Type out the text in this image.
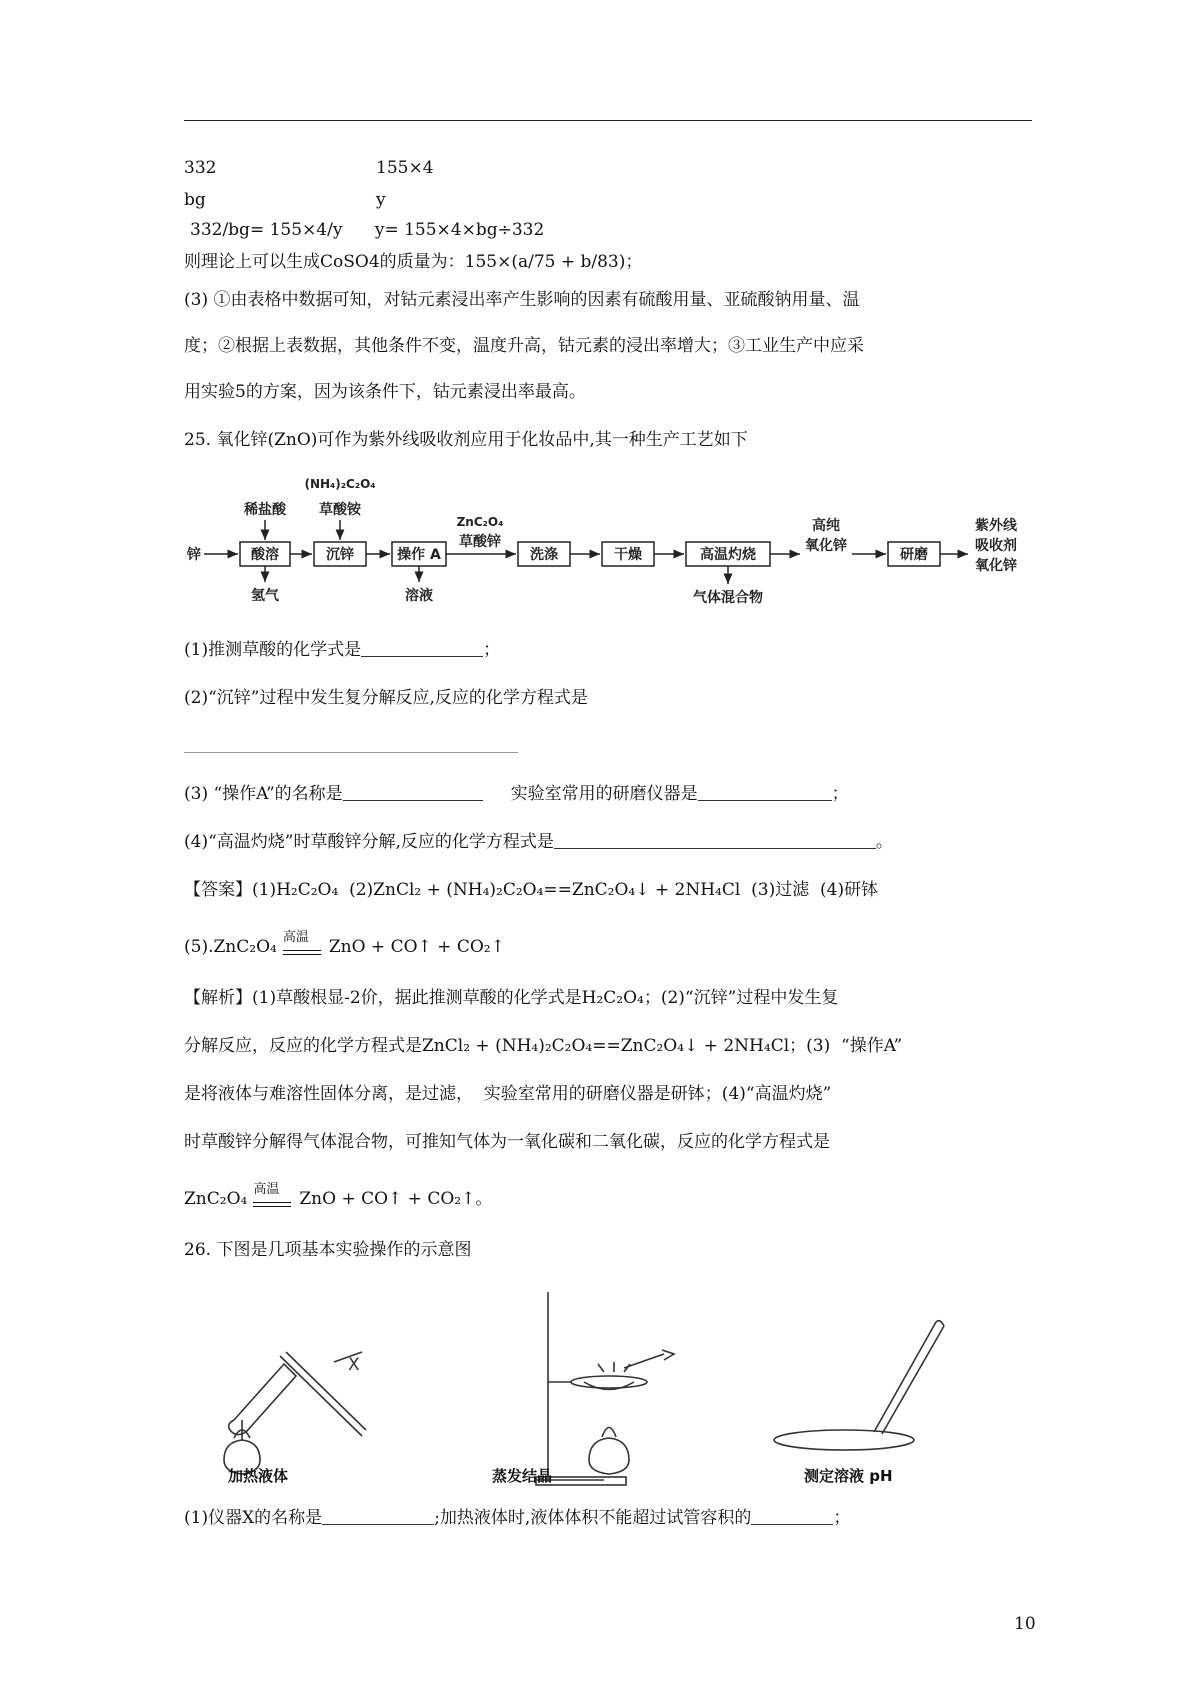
332	155×4
bg	y
332/bg= 155×4/y      y= 155×4×bg÷332
则理论上可以生成CoSO4的质量为：155×(a/75 + b/83)；
(3) ①由表格中数据可知，对钴元素浸出率产生影响的因素有硫酸用量、亚硫酸钠用量、温
度；②根据上表数据，其他条件不变，温度升高，钴元素的浸出率增大；③工业生产中应采
用实验5的方案，因为该条件下，钴元素浸出率最高。
25. 氧化锌(ZnO)可作为紫外线吸收剂应用于化妆品中,其一种生产工艺如下
锌
稀盐酸
酸溶
氢气
(NH₄)₂C₂O₄
草酸铵
沉锌	操作 A
溶液
ZnC₂O₄
草酸锌
洗涤	干燥	高温灼烧
气体混合物
高纯
氧化锌
研磨
紫外线
吸收剂
氧化锌
(1)推测草酸的化学式是	；
(2)“沉锌”过程中发生复分解反应,反应的化学方程式是
(3) “操作A”的名称是	实验室常用的研磨仪器是	；
(4)“高温灼烧”时草酸锌分解,反应的化学方程式是	。
【答案】(1)H₂C₂O₄  (2)ZnCl₂ + (NH₄)₂C₂O₄==ZnC₂O₄↓ + 2NH₄Cl  (3)过滤  (4)研钵
(5).ZnC₂O₄ 高温 ZnO + CO↑ + CO₂↑
【解析】(1)草酸根显-2价，据此推测草酸的化学式是H₂C₂O₄；(2)“沉锌”过程中发生复
分解反应，反应的化学方程式是ZnCl₂ + (NH₄)₂C₂O₄==ZnC₂O₄↓ + 2NH₄Cl；(3)  “操作A”
是将液体与难溶性固体分离，是过滤，  实验室常用的研磨仪器是研钵；(4)“高温灼烧”
时草酸锌分解得气体混合物，可推知气体为一氧化碳和二氧化碳，反应的化学方程式是
ZnC₂O₄ 高温 ZnO + CO↑ + CO₂↑。
26. 下图是几项基本实验操作的示意图
X
加热液体	蒸发结晶	测定溶液 pH
(1)仪器X的名称是	;加热液体时,液体体积不能超过试管容积的	；
10
